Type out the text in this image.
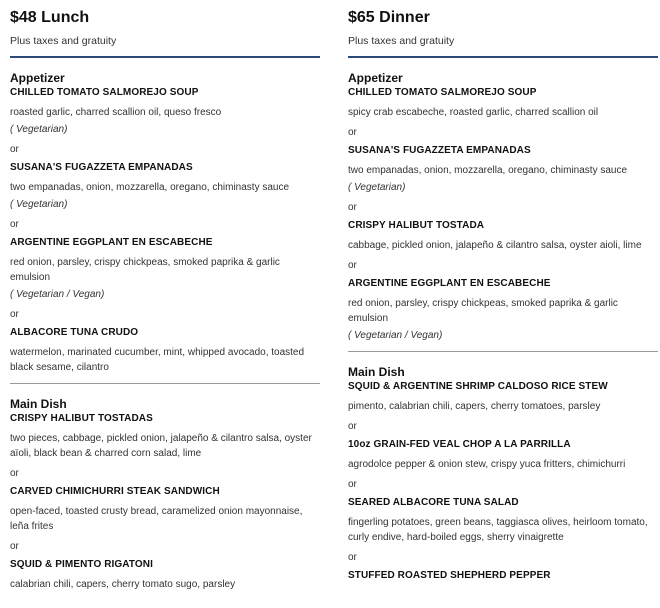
$48 Lunch

Plus taxes and gratuity

Appetizer
CHILLED TOMATO SALMOREJO SOUP
roasted garlic, charred scallion oil, queso fresco
( Vegetarian)
or
SUSANA'S FUGAZZETA EMPANADAS
two empanadas, onion, mozzarella, oregano, chiminasty sauce
( Vegetarian)
or
ARGENTINE EGGPLANT EN ESCABECHE
red onion, parsley, crispy chickpeas, smoked paprika & garlic emulsion
( Vegetarian / Vegan)
or
ALBACORE TUNA CRUDO
watermelon, marinated cucumber, mint, whipped avocado, toasted black sesame, cilantro
Main Dish
CRISPY HALIBUT TOSTADAS
two pieces, cabbage, pickled onion, jalapeño & cilantro salsa, oyster aïoli, black bean & charred corn salad, lime
or
CARVED CHIMICHURRI STEAK SANDWICH
open-faced, toasted crusty bread, caramelized onion mayonnaise, leña frites
or
SQUID & PIMENTO RIGATONI
calabrian chili, capers, cherry tomato sugo, parsley
$65 Dinner

Plus taxes and gratuity

Appetizer
CHILLED TOMATO SALMOREJO SOUP
spicy crab escabeche, roasted garlic, charred scallion oil
or
SUSANA'S FUGAZZETA EMPANADAS
two empanadas, onion, mozzarella, oregano, chiminasty sauce
( Vegetarian)
or
CRISPY HALIBUT TOSTADA
cabbage, pickled onion, jalapeño & cilantro salsa, oyster aioli, lime
or
ARGENTINE EGGPLANT EN ESCABECHE
red onion, parsley, crispy chickpeas, smoked paprika & garlic emulsion
( Vegetarian / Vegan)
Main Dish
SQUID & ARGENTINE SHRIMP CALDOSO RICE STEW
pimento, calabrian chili, capers, cherry tomatoes, parsley
or
10oz GRAIN-FED VEAL CHOP A LA PARRILLA
agrodolce pepper & onion stew, crispy yuca fritters, chimichurri
or
SEARED ALBACORE TUNA SALAD
fingerling potatoes, green beans, taggiasca olives, heirloom tomato, curly endive, hard-boiled eggs, sherry vinaigrette
or
STUFFED ROASTED SHEPHERD PEPPER
